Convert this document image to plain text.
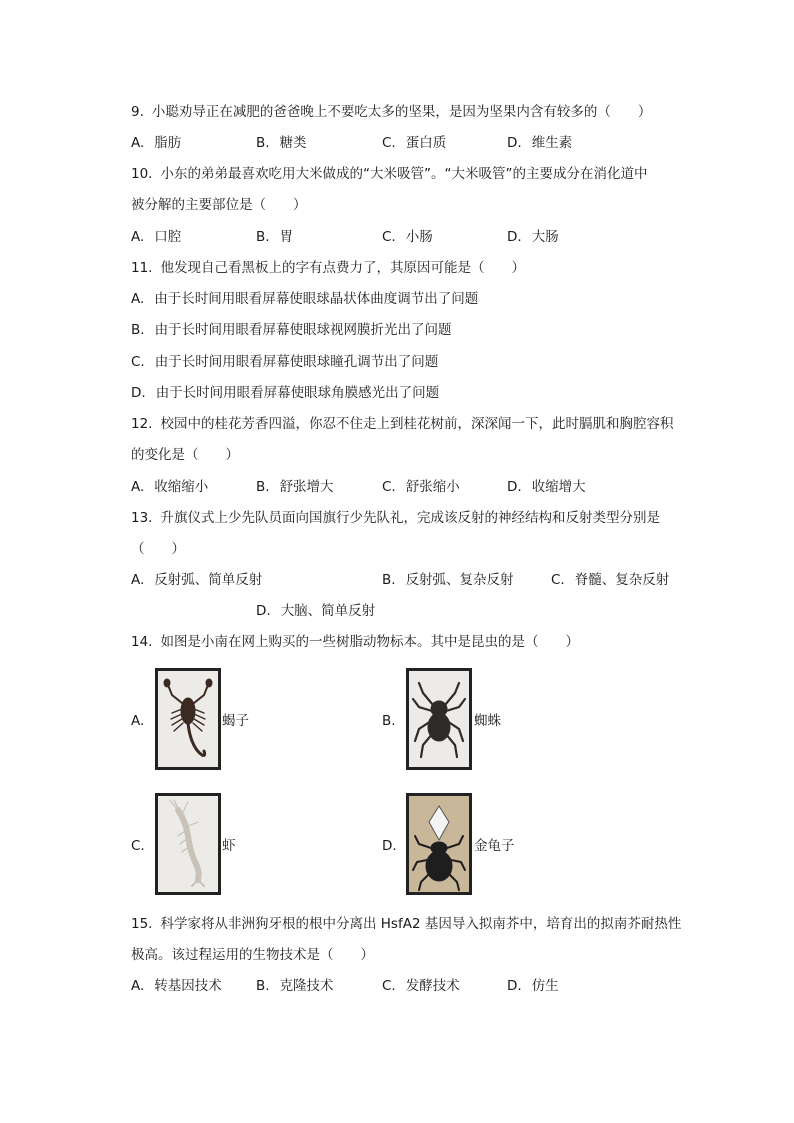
9. 小聪劝导正在减肥的爸爸晚上不要吃太多的坚果，是因为坚果内含有较多的（　　）
A. 脂肪	B. 糖类	C. 蛋白质	D. 维生素
10. 小东的弟弟最喜欢吃用大米做成的“大米吸管”。“大米吸管”的主要成分在消化道中
被分解的主要部位是（　　）
A. 口腔	B. 胃	C. 小肠	D. 大肠
11. 他发现自己看黑板上的字有点费力了，其原因可能是（　　）
A. 由于长时间用眼看屏幕使眼球晶状体曲度调节出了问题
B. 由于长时间用眼看屏幕使眼球视网膜折光出了问题
C. 由于长时间用眼看屏幕使眼球瞳孔调节出了问题
D. 由于长时间用眼看屏幕使眼球角膜感光出了问题
12. 校园中的桂花芳香四溢，你忍不住走上到桂花树前，深深闻一下，此时膈肌和胸腔容积
的变化是（　　）
A. 收缩缩小	B. 舒张增大	C. 舒张缩小	D. 收缩增大
13. 升旗仪式上少先队员面向国旗行少先队礼，完成该反射的神经结构和反射类型分别是
（　　）
A. 反射弧、简单反射	B. 反射弧、复杂反射	C. 脊髓、复杂反射
D. 大脑、简单反射
14. 如图是小南在网上购买的一些树脂动物标本。其中是昆虫的是（　　）
A.	蝎子	B.	蜘蛛
C.	虾	D.	金龟子
15. 科学家将从非洲狗牙根的根中分离出 HsfA2 基因导入拟南芥中，培育出的拟南芥耐热性
极高。该过程运用的生物技术是（　　）
A. 转基因技术	B. 克隆技术	C. 发酵技术	D. 仿生
